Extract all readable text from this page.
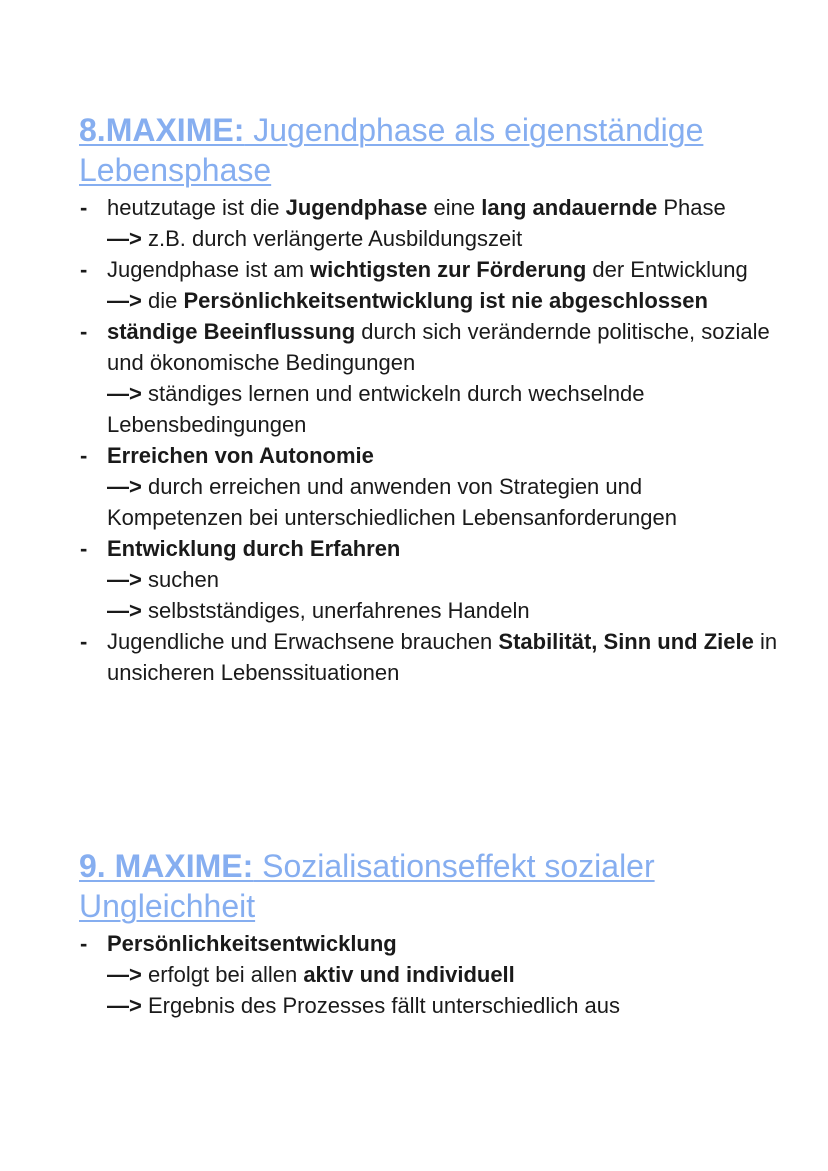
8.MAXIME: Jugendphase als eigenständige Lebensphase
- heutzutage ist die Jugendphase eine lang andauernde Phase
—> z.B. durch verlängerte Ausbildungszeit
- Jugendphase ist am wichtigsten zur Förderung der Entwicklung
—> die Persönlichkeitsentwicklung ist nie abgeschlossen
- ständige Beeinflussung durch sich verändernde politische, soziale und ökonomische Bedingungen
—> ständiges lernen und entwickeln durch wechselnde Lebensbedingungen
- Erreichen von Autonomie
—> durch erreichen und anwenden von Strategien und Kompetenzen bei unterschiedlichen Lebensanforderungen
- Entwicklung durch Erfahren
—> suchen
—> selbstständiges, unerfahrenes Handeln
- Jugendliche und Erwachsene brauchen Stabilität, Sinn und Ziele in unsicheren Lebenssituationen
9. MAXIME: Sozialisationseffekt sozialer Ungleichheit
- Persönlichkeitsentwicklung
—> erfolgt bei allen aktiv und individuell
—> Ergebnis des Prozesses fällt unterschiedlich aus
